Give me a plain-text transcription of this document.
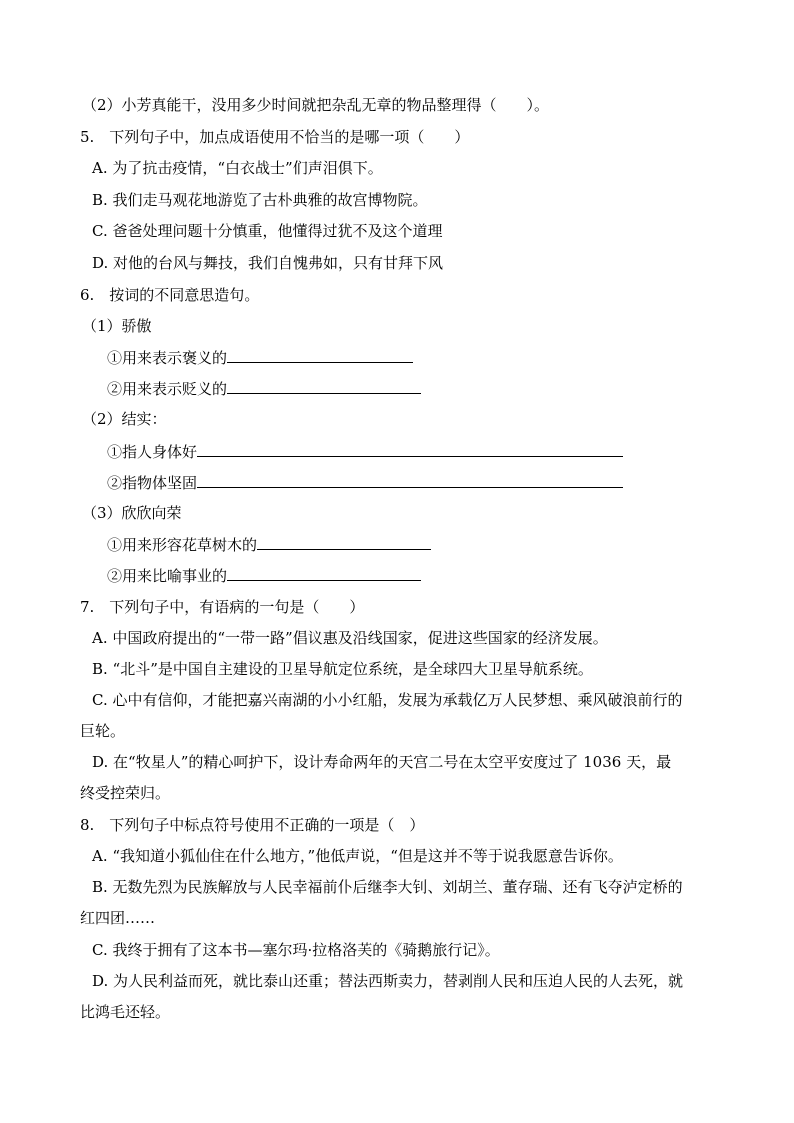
（2）小芳真能干，没用多少时间就把杂乱无章的物品整理得（　　）。
5.　下列句子中，加点成语使用不恰当的是哪一项（　　）
A. 为了抗击疫情，“白衣战士”们声泪俱下。
B. 我们走马观花地游览了古朴典雅的故宫博物院。
C. 爸爸处理问题十分慎重，他懂得过犹不及这个道理
D. 对他的台风与舞技，我们自愧弗如，只有甘拜下风
6.　按词的不同意思造句。
（1）骄傲
①用来表示褒义的
②用来表示贬义的
（2）结实：
①指人身体好
②指物体坚固
（3）欣欣向荣
①用来形容花草树木的
②用来比喻事业的
7.　下列句子中，有语病的一句是（　　）
A. 中国政府提出的“一带一路”倡议惠及沿线国家，促进这些国家的经济发展。
B. “北斗”是中国自主建设的卫星导航定位系统，是全球四大卫星导航系统。
C. 心中有信仰，才能把嘉兴南湖的小小红船，发展为承载亿万人民梦想、乘风破浪前行的
巨轮。
D. 在“牧星人”的精心呵护下，设计寿命两年的天宫二号在太空平安度过了 1036 天，最
终受控荣归。
8.　下列句子中标点符号使用不正确的一项是（　）
A. “我知道小狐仙住在什么地方，”他低声说，“但是这并不等于说我愿意告诉你。
B. 无数先烈为民族解放与人民幸福前仆后继李大钊、刘胡兰、董存瑞、还有飞夺泸定桥的
红四团……
C. 我终于拥有了这本书—塞尔玛·拉格洛芙的《骑鹅旅行记》。
D. 为人民利益而死，就比泰山还重；替法西斯卖力，替剥削人民和压迫人民的人去死，就
比鸿毛还轻。
